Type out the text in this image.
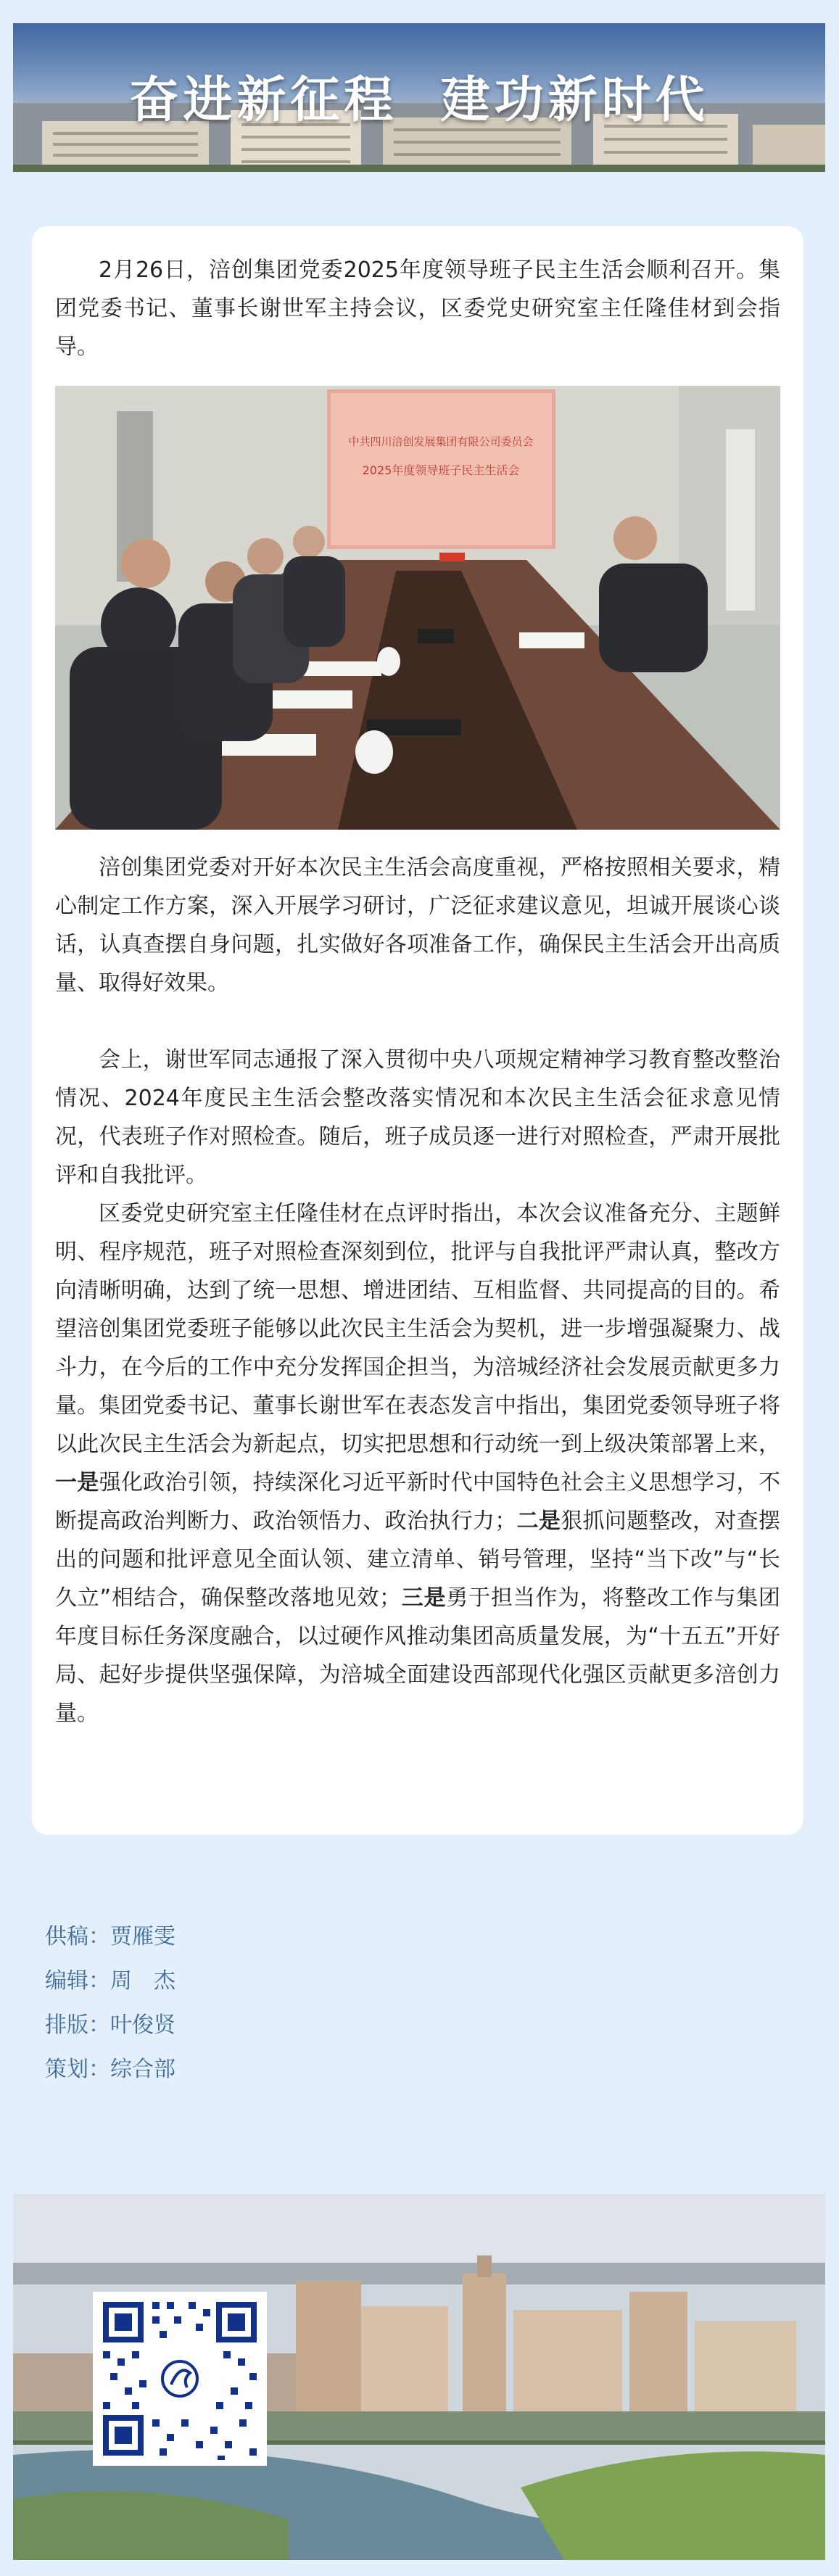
奋进新征程  建功新时代

2月26日，涪创集团党委2025年度领导班子民主生活会顺利召开。集团党委书记、董事长谢世军主持会议，区委党史研究室主任隆佳材到会指导。

中共四川涪创发展集团有限公司委员会
2025年度领导班子民主生活会

涪创集团党委对开好本次民主生活会高度重视，严格按照相关要求，精心制定工作方案，深入开展学习研讨，广泛征求建议意见，坦诚开展谈心谈话，认真查摆自身问题，扎实做好各项准备工作，确保民主生活会开出高质量、取得好效果。

会上，谢世军同志通报了深入贯彻中央八项规定精神学习教育整改整治情况、2024年度民主生活会整改落实情况和本次民主生活会征求意见情况，代表班子作对照检查。随后，班子成员逐一进行对照检查，严肃开展批评和自我批评。

区委党史研究室主任隆佳材在点评时指出，本次会议准备充分、主题鲜明、程序规范，班子对照检查深刻到位，批评与自我批评严肃认真，整改方向清晰明确，达到了统一思想、增进团结、互相监督、共同提高的目的。希望涪创集团党委班子能够以此次民主生活会为契机，进一步增强凝聚力、战斗力，在今后的工作中充分发挥国企担当，为涪城经济社会发展贡献更多力量。 集团党委书记、董事长谢世军在表态发言中指出，集团党委领导班子将以此次民主生活会为新起点，切实把思想和行动统一到上级决策部署上来，一是强化政治引领，持续深化习近平新时代中国特色社会主义思想学习，不断提高政治判断力、政治领悟力、政治执行力；二是狠抓问题整改，对查摆出的问题和批评意见全面认领、建立清单、销号管理，坚持“当下改”与“长久立”相结合，确保整改落地见效；三是勇于担当作为，将整改工作与集团年度目标任务深度融合，以过硬作风推动集团高质量发展，为“十五五”开好局、起好步提供坚强保障，为涪城全面建设西部现代化强区贡献更多涪创力量。

供稿：贾雁雯
编辑：周　杰
排版：叶俊贤
策划：综合部
